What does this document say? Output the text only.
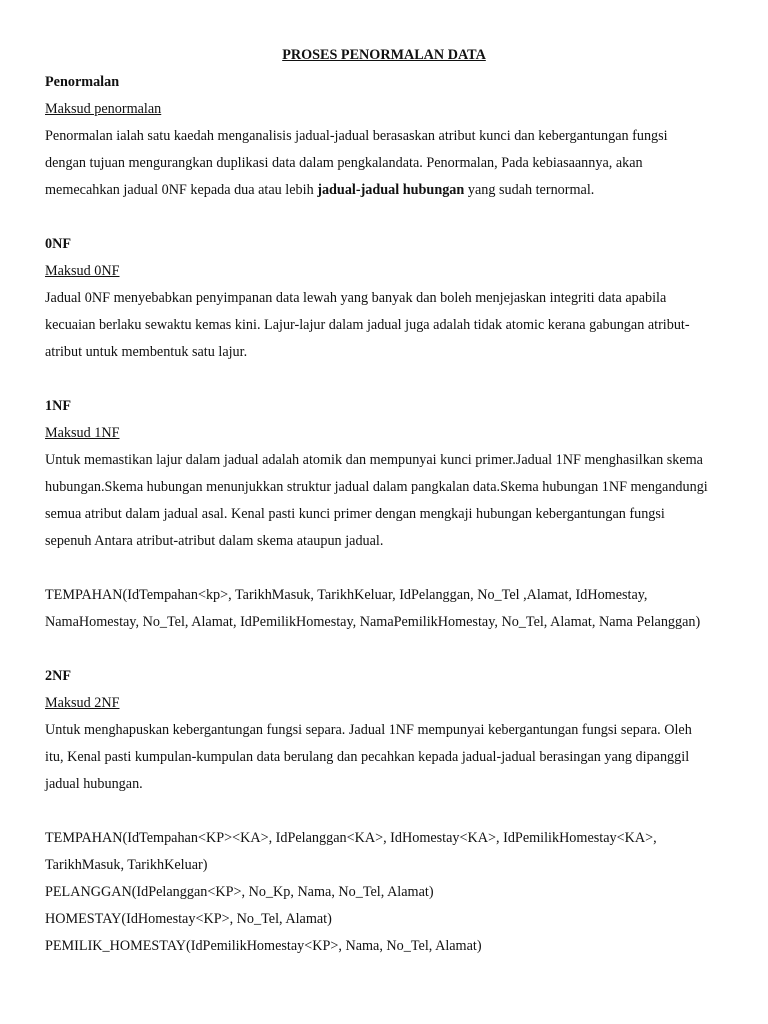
PROSES PENORMALAN DATA

Penormalan

Maksud penormalan

Penormalan ialah satu kaedah menganalisis jadual-jadual berasaskan atribut kunci dan kebergantungan fungsi dengan tujuan mengurangkan duplikasi data dalam pengkalandata. Penormalan, Pada kebiasaannya, akan memecahkan jadual 0NF kepada dua atau lebih jadual-jadual hubungan yang sudah ternormal.

0NF

Maksud 0NF

Jadual 0NF menyebabkan penyimpanan data lewah yang banyak dan boleh menjejaskan integriti data apabila kecuaian berlaku sewaktu kemas kini. Lajur-lajur dalam jadual juga adalah tidak atomic kerana gabungan atribut-atribut untuk membentuk satu lajur.

1NF

Maksud 1NF

Untuk memastikan lajur dalam jadual adalah atomik dan mempunyai kunci primer.Jadual 1NF menghasilkan skema hubungan.Skema hubungan menunjukkan struktur jadual dalam pangkalan data.Skema hubungan 1NF mengandungi semua atribut dalam jadual asal. Kenal pasti kunci primer dengan mengkaji hubungan kebergantungan fungsi sepenuh Antara atribut-atribut dalam skema ataupun jadual.

TEMPAHAN(IdTempahan<kp>, TarikhMasuk, TarikhKeluar, IdPelanggan, No_Tel ,Alamat, IdHomestay, NamaHomestay, No_Tel, Alamat, IdPemilikHomestay, NamaPemilikHomestay, No_Tel, Alamat, Nama Pelanggan)

2NF

Maksud 2NF

Untuk menghapuskan kebergantungan fungsi separa. Jadual 1NF mempunyai kebergantungan fungsi separa. Oleh itu, Kenal pasti kumpulan-kumpulan data berulang dan pecahkan kepada jadual-jadual berasingan yang dipanggil jadual hubungan.

TEMPAHAN(IdTempahan<KP><KA>, IdPelanggan<KA>, IdHomestay<KA>, IdPemilikHomestay<KA>, TarikhMasuk, TarikhKeluar)

PELANGGAN(IdPelanggan<KP>, No_Kp, Nama, No_Tel, Alamat)

HOMESTAY(IdHomestay<KP>, No_Tel, Alamat)

PEMILIK_HOMESTAY(IdPemilikHomestay<KP>, Nama, No_Tel, Alamat)
